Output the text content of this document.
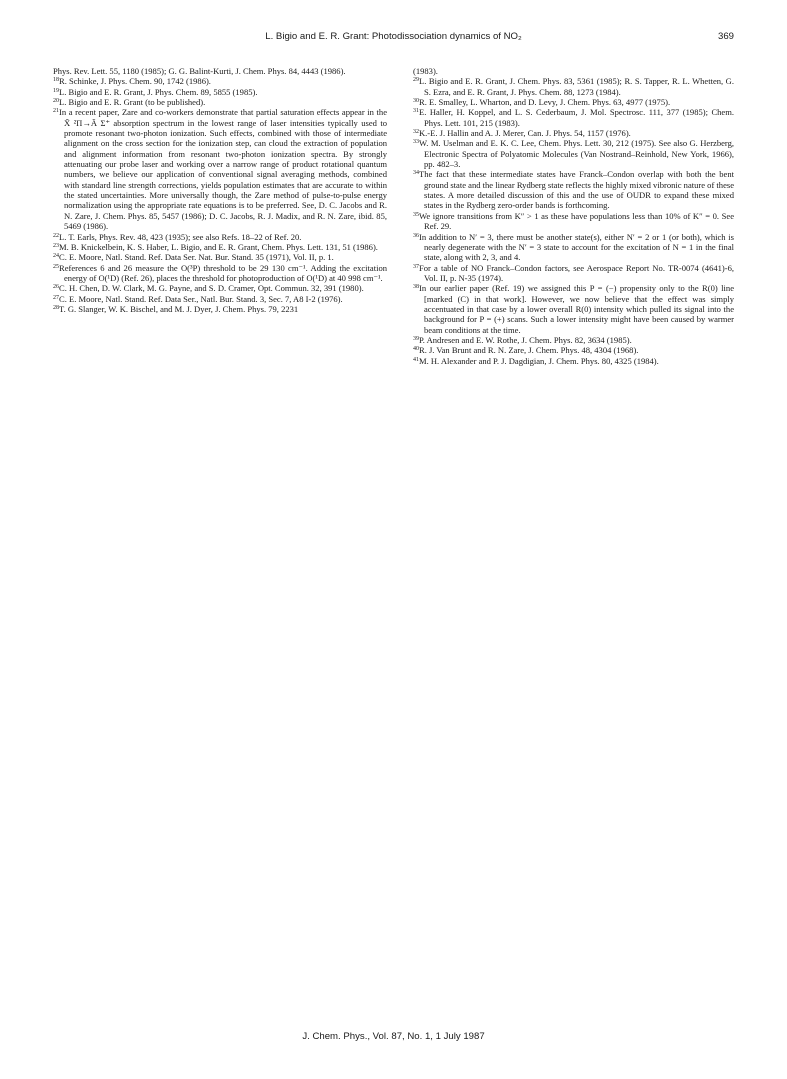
L. Bigio and E. R. Grant: Photodissociation dynamics of NO₂	369

Phys. Rev. Lett. 55, 1180 (1985); G. G. Balint-Kurti, J. Chem. Phys. 84, 4443 (1986).

$^{18}$R. Schinke, J. Phys. Chem. 90, 1742 (1986).

$^{19}$L. Bigio and E. R. Grant, J. Phys. Chem. 89, 5855 (1985).

$^{20}$L. Bigio and E. R. Grant (to be published).

$^{21}$In a recent paper, Zare and co-workers demonstrate that partial saturation effects appear in the X̃ ²Π→Ã Σ⁺ absorption spectrum in the lowest range of laser intensities typically used to promote resonant two-photon ionization. Such effects, combined with those of intermediate alignment on the cross section for the ionization step, can cloud the extraction of population and alignment information from resonant two-photon ionization spectra. By strongly attenuating our probe laser and working over a narrow range of product rotational quantum numbers, we believe our application of conventional signal averaging methods, combined with standard line strength corrections, yields population estimates that are accurate to within the stated uncertainties. More universally though, the Zare method of pulse-to-pulse energy normalization using the appropriate rate equations is to be preferred. See, D. C. Jacobs and R. N. Zare, J. Chem. Phys. 85, 5457 (1986); D. C. Jacobs, R. J. Madix, and R. N. Zare, ibid. 85, 5469 (1986).

$^{22}$L. T. Earls, Phys. Rev. 48, 423 (1935); see also Refs. 18–22 of Ref. 20.

$^{23}$M. B. Knickelbein, K. S. Haber, L. Bigio, and E. R. Grant, Chem. Phys. Lett. 131, 51 (1986).

$^{24}$C. E. Moore, Natl. Stand. Ref. Data Ser. Nat. Bur. Stand. 35 (1971), Vol. II, p. 1.

$^{25}$References 6 and 26 measure the O(³P) threshold to be 29 130 cm⁻¹. Adding the excitation energy of O(¹D) (Ref. 26), places the threshold for photoproduction of O(¹D) at 40 998 cm⁻¹.

$^{26}$C. H. Chen, D. W. Clark, M. G. Payne, and S. D. Cramer, Opt. Commun. 32, 391 (1980).

$^{27}$C. E. Moore, Natl. Stand. Ref. Data Ser., Natl. Bur. Stand. 3, Sec. 7, A8 I-2 (1976).

$^{28}$T. G. Slanger, W. K. Bischel, and M. J. Dyer, J. Chem. Phys. 79, 2231

(1983).

$^{29}$L. Bigio and E. R. Grant, J. Chem. Phys. 83, 5361 (1985); R. S. Tapper, R. L. Whetten, G. S. Ezra, and E. R. Grant, J. Phys. Chem. 88, 1273 (1984).

$^{30}$R. E. Smalley, L. Wharton, and D. Levy, J. Chem. Phys. 63, 4977 (1975).

$^{31}$E. Haller, H. Koppel, and L. S. Cederbaum, J. Mol. Spectrosc. 111, 377 (1985); Chem. Phys. Lett. 101, 215 (1983).

$^{32}$K.-E. J. Hallin and A. J. Merer, Can. J. Phys. 54, 1157 (1976).

$^{33}$W. M. Uselman and E. K. C. Lee, Chem. Phys. Lett. 30, 212 (1975). See also G. Herzberg, Electronic Spectra of Polyatomic Molecules (Van Nostrand–Reinhold, New York, 1966), pp. 482–3.

$^{34}$The fact that these intermediate states have Franck–Condon overlap with both the bent ground state and the linear Rydberg state reflects the highly mixed vibronic nature of these states. A more detailed discussion of this and the use of OUDR to expand these mixed states in the Rydberg zero-order bands is forthcoming.

$^{35}$We ignore transitions from K″ > 1 as these have populations less than 10% of K″ = 0. See Ref. 29.

$^{36}$In addition to N′ = 3, there must be another state(s), either N′ = 2 or 1 (or both), which is nearly degenerate with the N′ = 3 state to account for the excitation of N = 1 in the final state, along with 2, 3, and 4.

$^{37}$For a table of NO Franck–Condon factors, see Aerospace Report No. TR-0074 (4641)-6, Vol. II, p. N-35 (1974).

$^{38}$In our earlier paper (Ref. 19) we assigned this P = (−) propensity only to the R(0) line [marked (C) in that work]. However, we now believe that the effect was simply accentuated in that case by a lower overall R(0) intensity which pulled its signal into the background for P = (+) scans. Such a lower intensity might have been caused by warmer beam conditions at the time.

$^{39}$P. Andresen and E. W. Rothe, J. Chem. Phys. 82, 3634 (1985).

$^{40}$R. J. Van Brunt and R. N. Zare, J. Chem. Phys. 48, 4304 (1968).

$^{41}$M. H. Alexander and P. J. Dagdigian, J. Chem. Phys. 80, 4325 (1984).

J. Chem. Phys., Vol. 87, No. 1, 1 July 1987
